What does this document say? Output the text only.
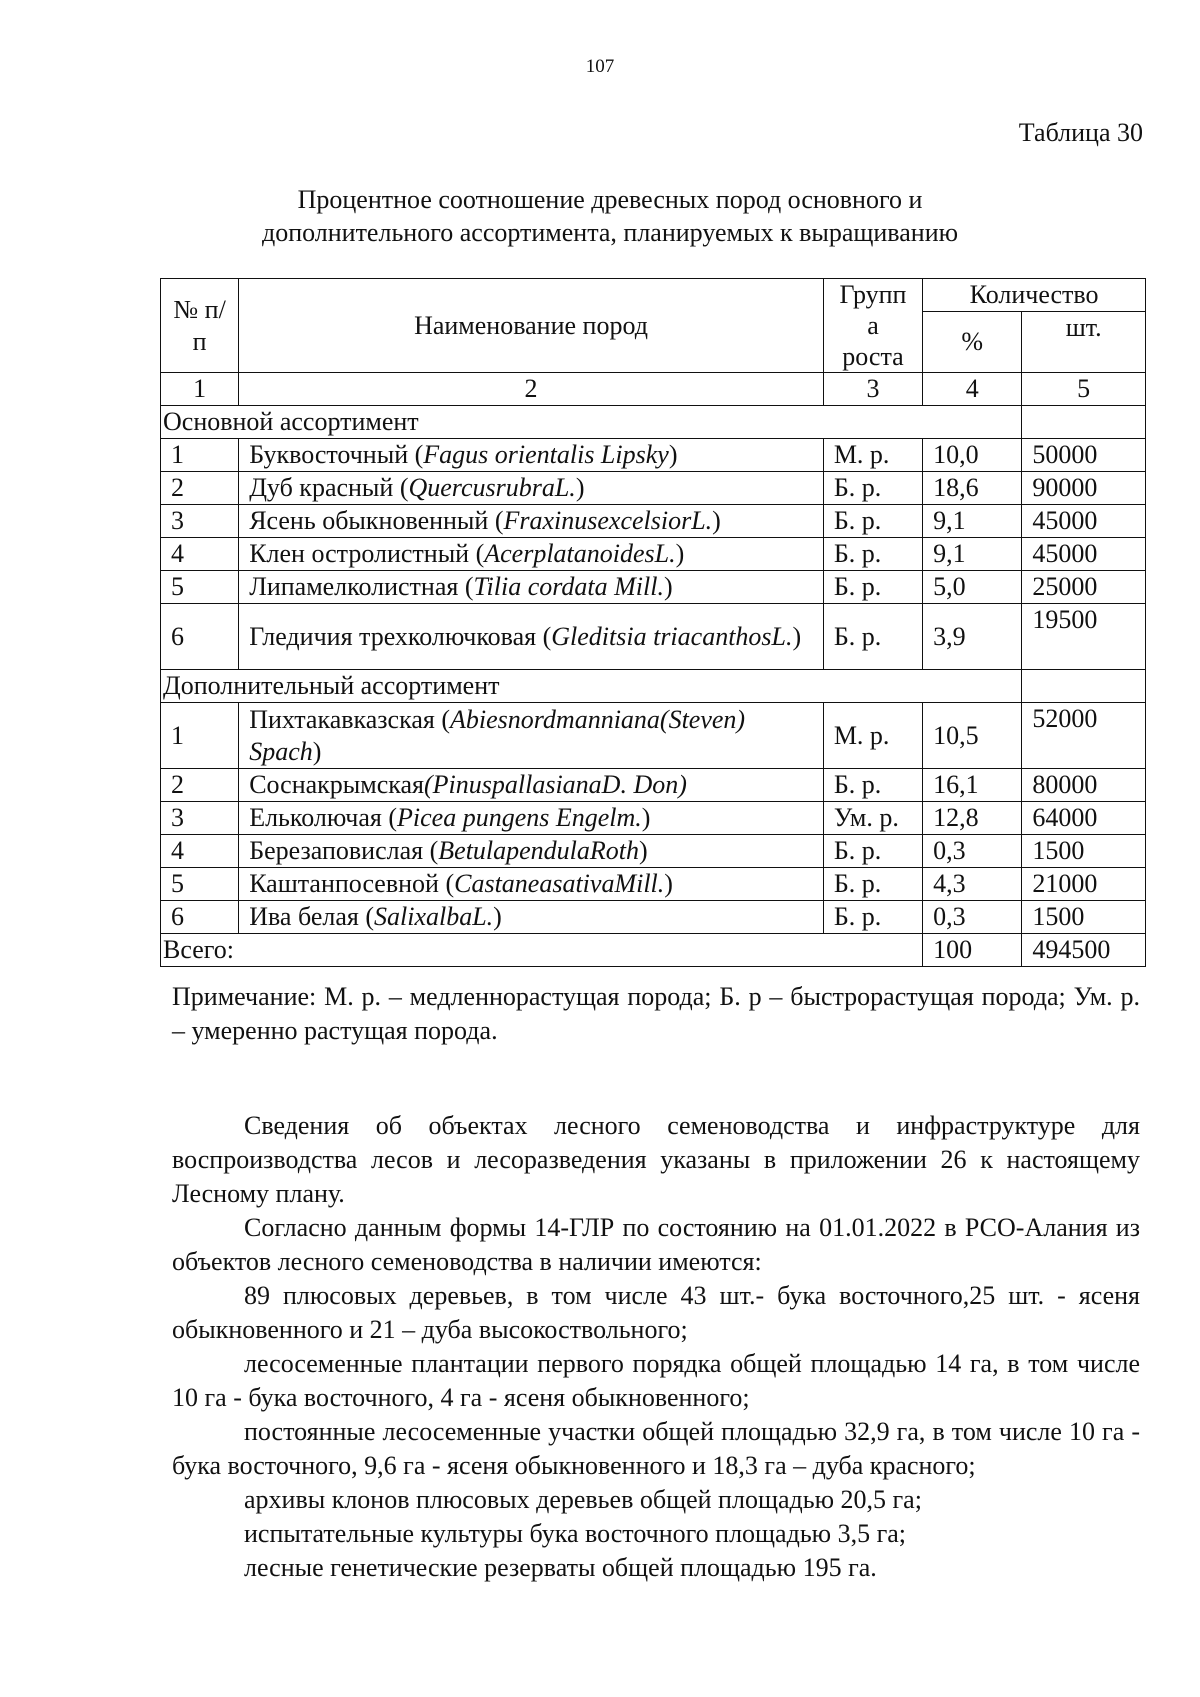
107
Таблица 30
Процентное соотношение древесных пород основного и
дополнительного ассортимента, планируемых к выращиванию
№ п/п	Наименование пород	Групп а роста	Количество	
			%	шт.
1	2	3	4	5
Основной ассортимент				
1	Буквосточный (Fagus orientalis Lipsky)	М. р.	10,0	50000
2	Дуб красный (QuercusrubraL.)	Б. р.	18,6	90000
3	Ясень обыкновенный (FraxinusexcelsiorL.)	Б. р.	9,1	45000
4	Клен остролистный (AcerplatanoidesL.)	Б. р.	9,1	45000
5	Липамелколистная (Tilia cordata Mill.)	Б. р.	5,0	25000
6	Гледичия трехколючковая (Gleditsia triacanthosL.)	Б. р.	3,9	19500
Дополнительный ассортимент				
1	Пихтакавказская (Abiesnordmanniana(Steven) Spach)	М. р.	10,5	52000
2	Соснакрымская(PinuspallasianaD. Don)	Б. р.	16,1	80000
3	Ельколючая (Picea pungens Engelm.)	Ум. р.	12,8	64000
4	Березаповислая (BetulapendulaRoth)	Б. р.	0,3	1500
5	Каштанпосевной (CastaneasativaMill.)	Б. р.	4,3	21000
6	Ива белая (SalixalbaL.)	Б. р.	0,3	1500
Всего:			100	494500
Примечание: М. р. – медленнорастущая порода; Б. р – быстрорастущая порода; Ум. р. – умеренно растущая порода.

Сведения об объектах лесного семеноводства и инфраструктуре для воспроизводства лесов и лесоразведения указаны в приложении 26 к настоящему Лесному плану.

Согласно данным формы 14-ГЛР по состоянию на 01.01.2022 в РСО-Алания из объектов лесного семеноводства в наличии имеются:

89 плюсовых деревьев, в том числе 43 шт.- бука восточного,25 шт. - ясеня обыкновенного и 21 – дуба высокоствольного;

лесосеменные плантации первого порядка общей площадью 14 га, в том числе 10 га - бука восточного, 4 га - ясеня обыкновенного;

постоянные лесосеменные участки общей площадью 32,9 га, в том числе 10 га - бука восточного, 9,6 га - ясеня обыкновенного и 18,3 га – дуба красного;

архивы клонов плюсовых деревьев общей площадью 20,5 га;

испытательные культуры бука восточного площадью 3,5 га;

лесные генетические резерваты общей площадью 195 га.
